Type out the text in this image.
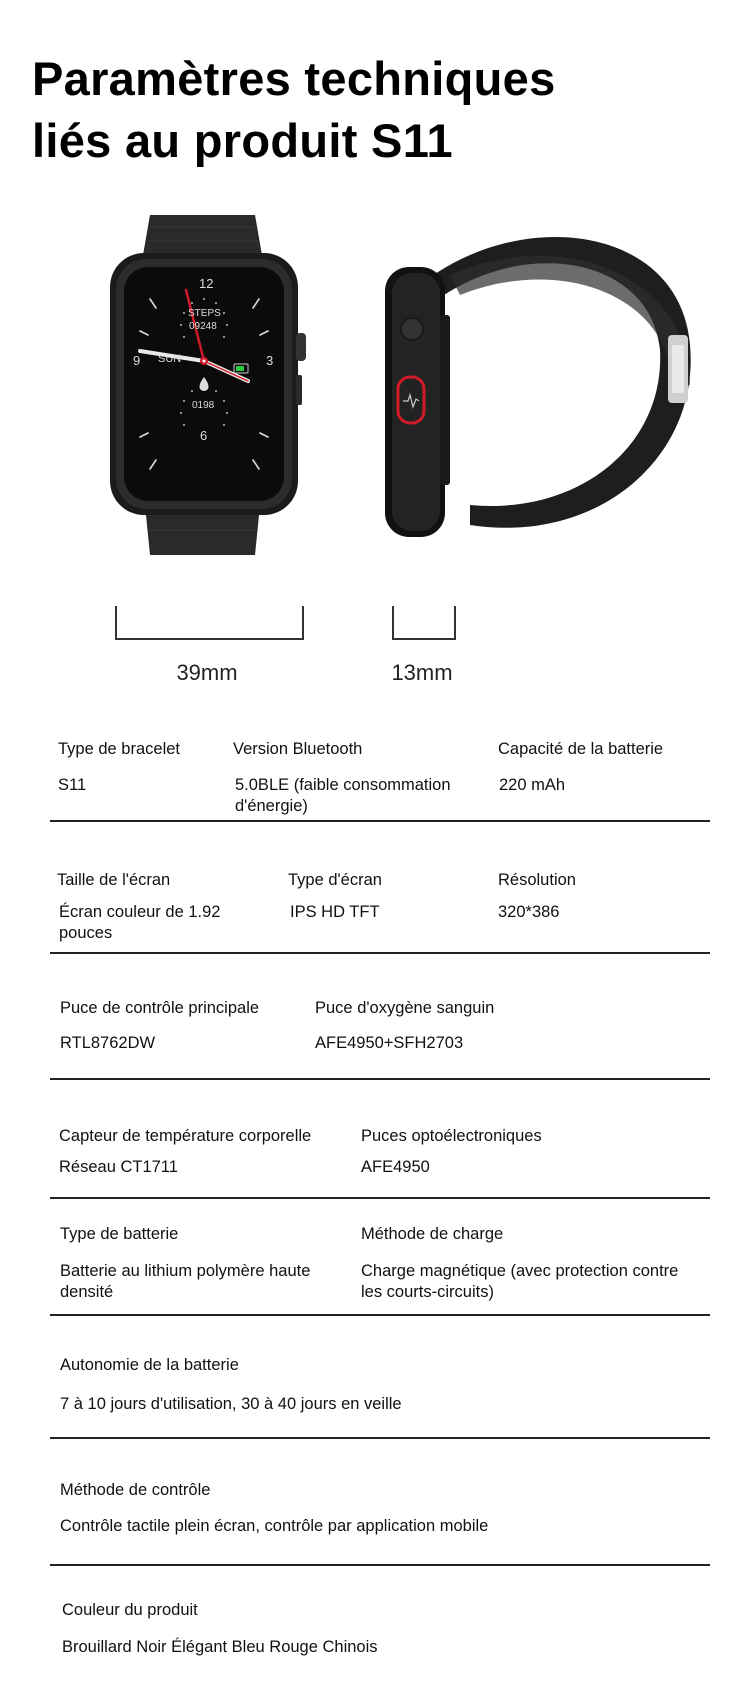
Paramètres techniques
liés au produit S11
12
3
6
9
STEPS
09248
SUN
0198
39mm	13mm
Type de bracelet
S11
Version Bluetooth
5.0BLE (faible consommation d'énergie)
Capacité de la batterie
220 mAh
Taille de l'écran
Écran couleur de 1.92 pouces
Type d'écran
IPS HD TFT
Résolution
320*386
Puce de contrôle principale
RTL8762DW
Puce d'oxygène sanguin
AFE4950+SFH2703
Capteur de température corporelle
Réseau CT1711
Puces optoélectroniques
AFE4950
Type de batterie
Batterie au lithium polymère haute densité
Méthode de charge
Charge magnétique (avec protection contre les courts-circuits)
Autonomie de la batterie
7 à 10 jours d'utilisation, 30 à 40 jours en veille
Méthode de contrôle
Contrôle tactile plein écran, contrôle par application mobile
Couleur du produit
Brouillard Noir Élégant Bleu Rouge Chinois
